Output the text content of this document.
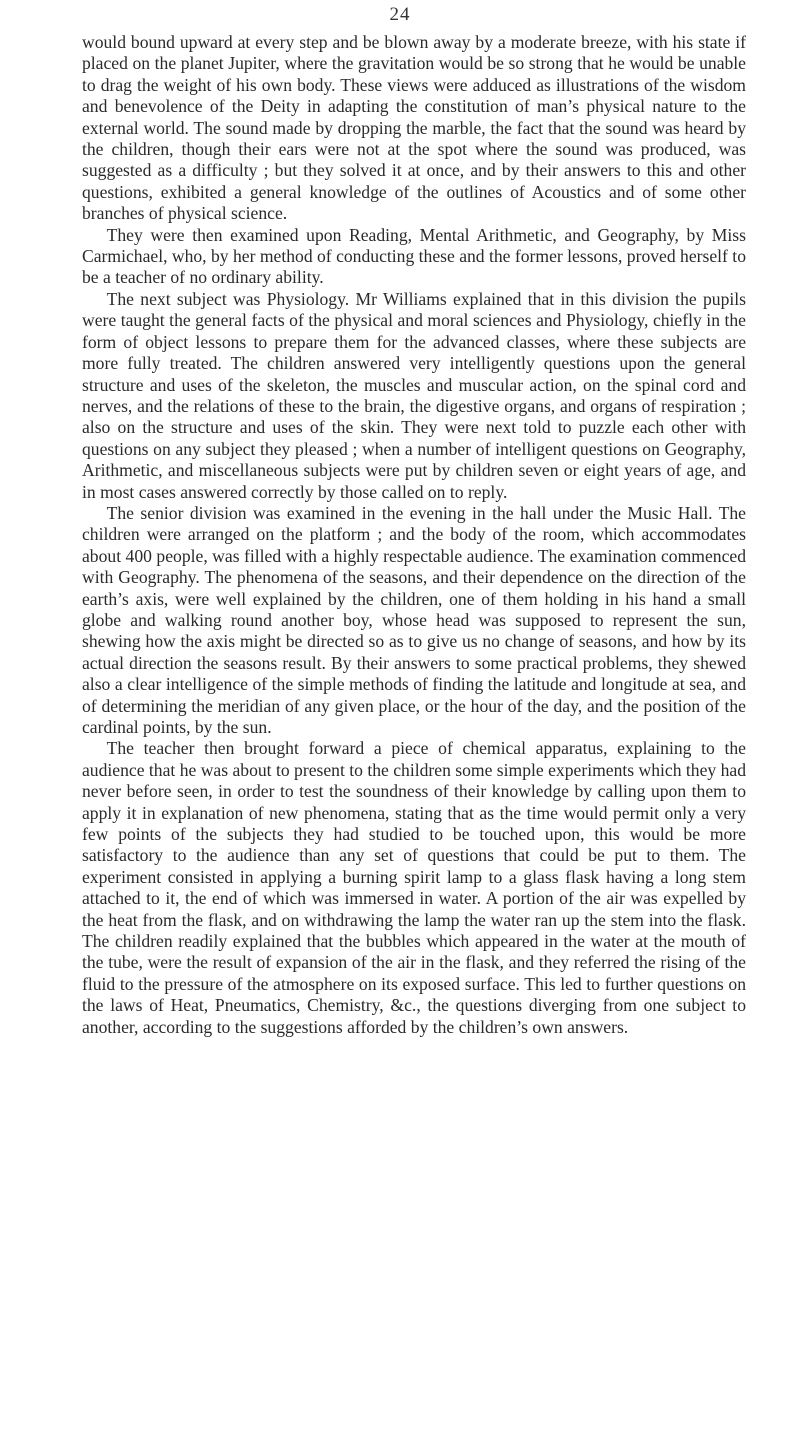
24

would bound upward at every step and be blown away by a moderate breeze, with his state if placed on the planet Jupiter, where the gravitation would be so strong that he would be unable to drag the weight of his own body. These views were adduced as illustrations of the wisdom and benevolence of the Deity in adapting the constitution of man’s physical nature to the external world. The sound made by dropping the marble, the fact that the sound was heard by the children, though their ears were not at the spot where the sound was produced, was suggested as a difficulty ; but they solved it at once, and by their answers to this and other questions, exhibited a general knowledge of the outlines of Acoustics and of some other branches of physical science.

They were then examined upon Reading, Mental Arithmetic, and Geography, by Miss Carmichael, who, by her method of conducting these and the former lessons, proved herself to be a teacher of no ordinary ability.

The next subject was Physiology. Mr Williams explained that in this division the pupils were taught the general facts of the physical and moral sciences and Physiology, chiefly in the form of object lessons to prepare them for the advanced classes, where these subjects are more fully treated. The children answered very intelligently questions upon the general structure and uses of the skeleton, the muscles and muscular action, on the spinal cord and nerves, and the relations of these to the brain, the digestive organs, and organs of respiration ; also on the structure and uses of the skin. They were next told to puzzle each other with questions on any subject they pleased ; when a number of intelligent questions on Geography, Arithmetic, and miscellaneous subjects were put by children seven or eight years of age, and in most cases answered correctly by those called on to reply.

The senior division was examined in the evening in the hall under the Music Hall. The children were arranged on the platform ; and the body of the room, which accommodates about 400 people, was filled with a highly respectable audience. The examination commenced with Geography. The phenomena of the seasons, and their dependence on the direction of the earth’s axis, were well explained by the children, one of them holding in his hand a small globe and walking round another boy, whose head was supposed to represent the sun, shewing how the axis might be directed so as to give us no change of seasons, and how by its actual direction the seasons result. By their answers to some practical problems, they shewed also a clear intelligence of the simple methods of finding the latitude and longitude at sea, and of determining the meridian of any given place, or the hour of the day, and the position of the cardinal points, by the sun.

The teacher then brought forward a piece of chemical apparatus, explaining to the audience that he was about to present to the children some simple experiments which they had never before seen, in order to test the soundness of their knowledge by calling upon them to apply it in explanation of new phenomena, stating that as the time would permit only a very few points of the subjects they had studied to be touched upon, this would be more satisfactory to the audience than any set of questions that could be put to them. The experiment consisted in applying a burning spirit lamp to a glass flask having a long stem attached to it, the end of which was immersed in water. A portion of the air was expelled by the heat from the flask, and on withdrawing the lamp the water ran up the stem into the flask. The children readily explained that the bubbles which appeared in the water at the mouth of the tube, were the result of expansion of the air in the flask, and they referred the rising of the fluid to the pressure of the atmosphere on its exposed surface. This led to further questions on the laws of Heat, Pneumatics, Chemistry, &c., the questions diverging from one subject to another, according to the suggestions afforded by the children’s own answers.
